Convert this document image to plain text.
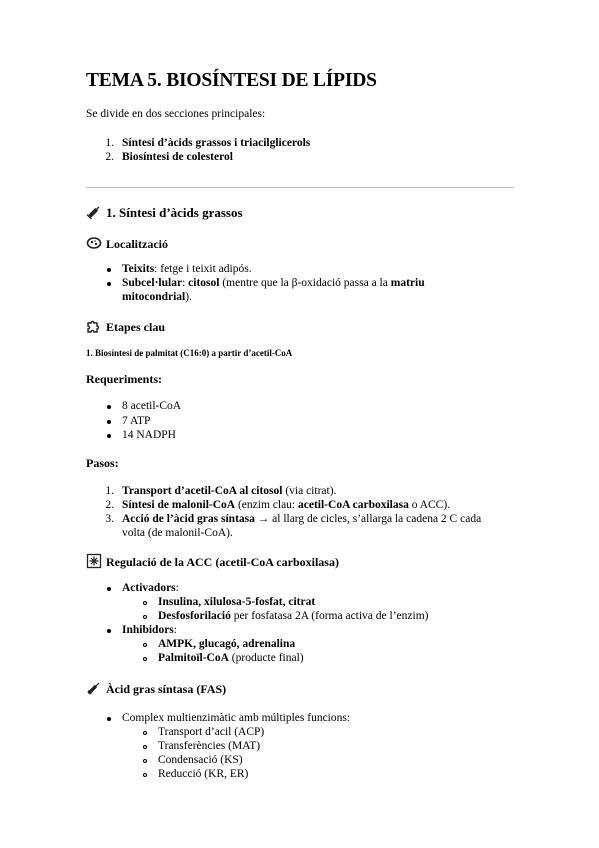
TEMA 5. BIOSÍNTESI DE LÍPIDS
Se divide en dos secciones principales:
1. Síntesi d’àcids grassos i triacilglicerols
2. Biosíntesi de colesterol
1. Síntesi d’àcids grassos
Localització
Teixits: fetge i teixit adipós.
Subcel·lular: citosol (mentre que la β-oxidació passa a la matriu
mitocondrial).
Etapes clau
1. Biosíntesi de palmitat (C16:0) a partir d’acetil-CoA
Requeriments:
8 acetil-CoA
7 ATP
14 NADPH
Pasos:
1. Transport d’acetil-CoA al citosol (via citrat).
2. Síntesi de malonil-CoA (enzim clau: acetil-CoA carboxilasa o ACC).
3. Acció de l’àcid gras síntasa → al llarg de cicles, s’allarga la cadena 2 C cada
volta (de malonil-CoA).
Regulació de la ACC (acetil-CoA carboxilasa)
Activadors:
Insulina, xilulosa-5-fosfat, citrat
Desfosforilació per fosfatasa 2A (forma activa de l’enzim)
Inhibidors:
AMPK, glucagó, adrenalina
Palmitoïl-CoA (producte final)
Àcid gras síntasa (FAS)
Complex multienzimàtic amb múltiples funcions:
Transport d’acil (ACP)
Transferències (MAT)
Condensació (KS)
Reducció (KR, ER)
